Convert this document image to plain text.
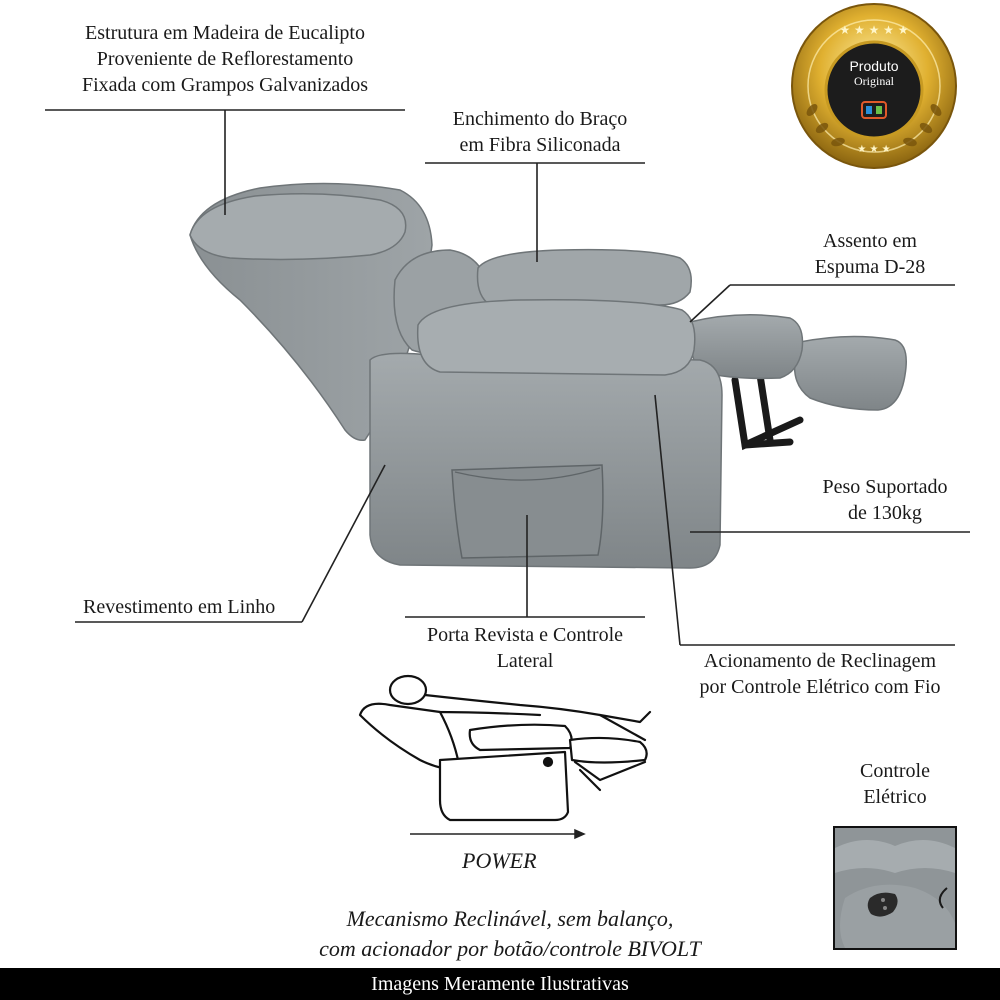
★ ★ ★ ★ ★
★ ★ ★
Estrutura em Madeira de Eucalipto
Proveniente de Reflorestamento
Fixada com Grampos Galvanizados
Enchimento do Braço
em Fibra Siliconada
Assento em
Espuma D-28
Peso Suportado
de 130kg
Revestimento em Linho
Porta Revista e Controle
Lateral	Acionamento de Reclinagem
por Controle Elétrico com Fio
Controle
Elétrico
POWER
Mecanismo Reclinável, sem balanço,
com acionador por botão/controle BIVOLT
Produto
Original
Imagens Meramente Ilustrativas
